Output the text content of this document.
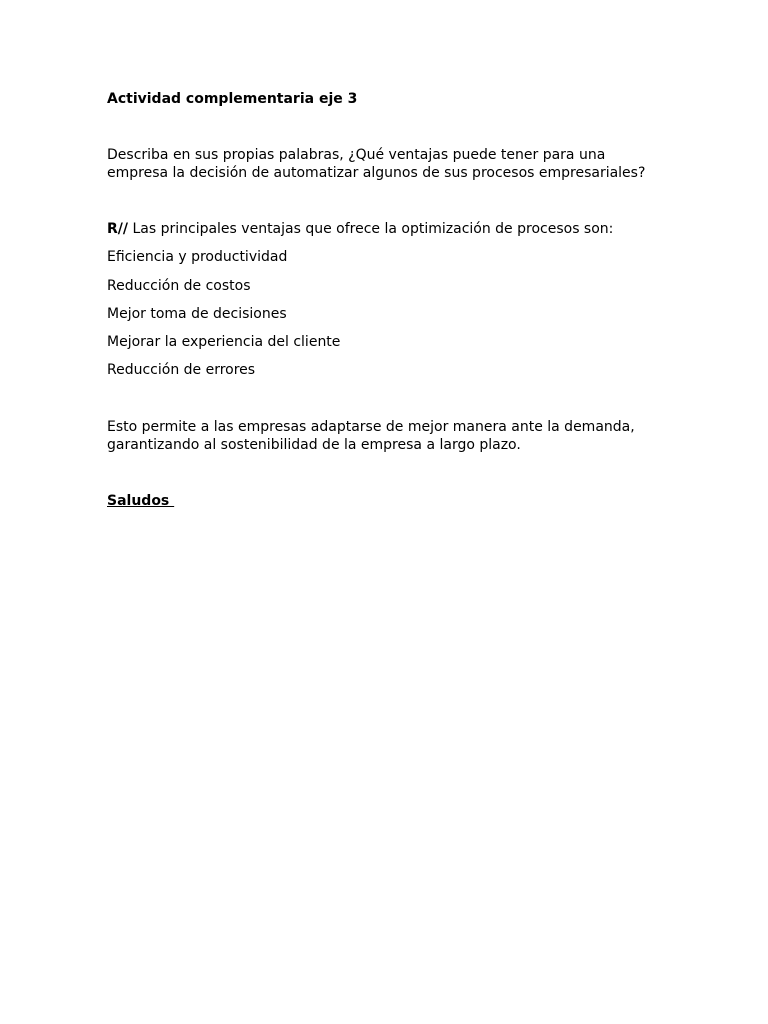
Actividad complementaria eje 3

Describa en sus propias palabras, ¿Qué ventajas puede tener para una
empresa la decisión de automatizar algunos de sus procesos empresariales?

R// Las principales ventajas que ofrece la optimización de procesos son:

Eficiencia y productividad

Reducción de costos

Mejor toma de decisiones

Mejorar la experiencia del cliente

Reducción de errores

Esto permite a las empresas adaptarse de mejor manera ante la demanda,
garantizando al sostenibilidad de la empresa a largo plazo.

Saludos
